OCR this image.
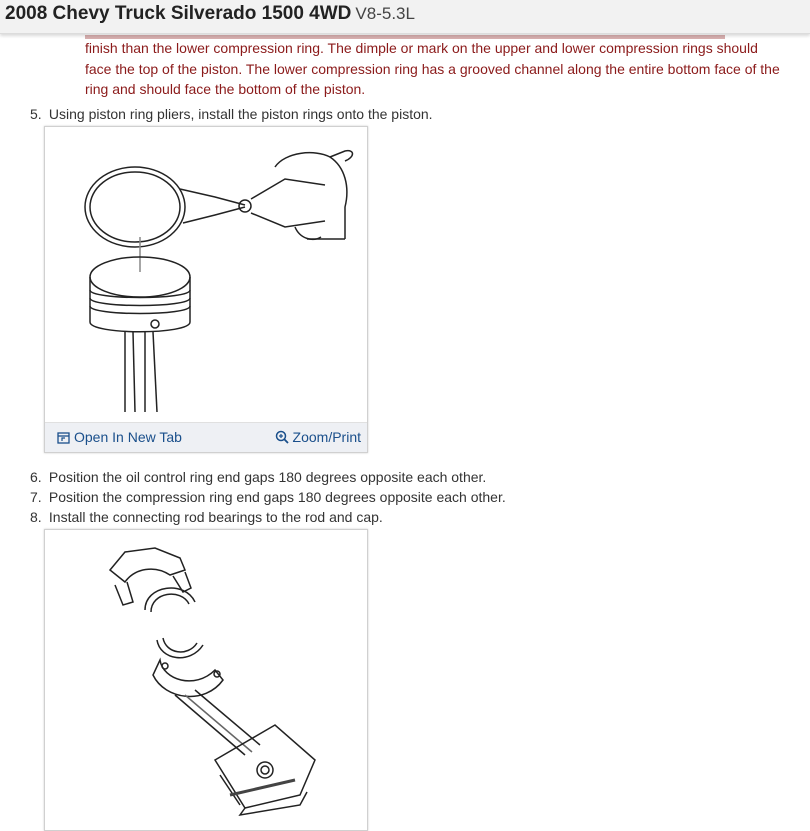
2008 Chevy Truck Silverado 1500 4WD V8-5.3L
finish than the lower compression ring. The dimple or mark on the upper and lower compression rings should face the top of the piston. The lower compression ring has a grooved channel along the entire bottom face of the ring and should face the bottom of the piston.
5. Using piston ring pliers, install the piston rings onto the piston.
Open In New Tab	Zoom/Print
6. Position the oil control ring end gaps 180 degrees opposite each other.
7. Position the compression ring end gaps 180 degrees opposite each other.
8. Install the connecting rod bearings to the rod and cap.
